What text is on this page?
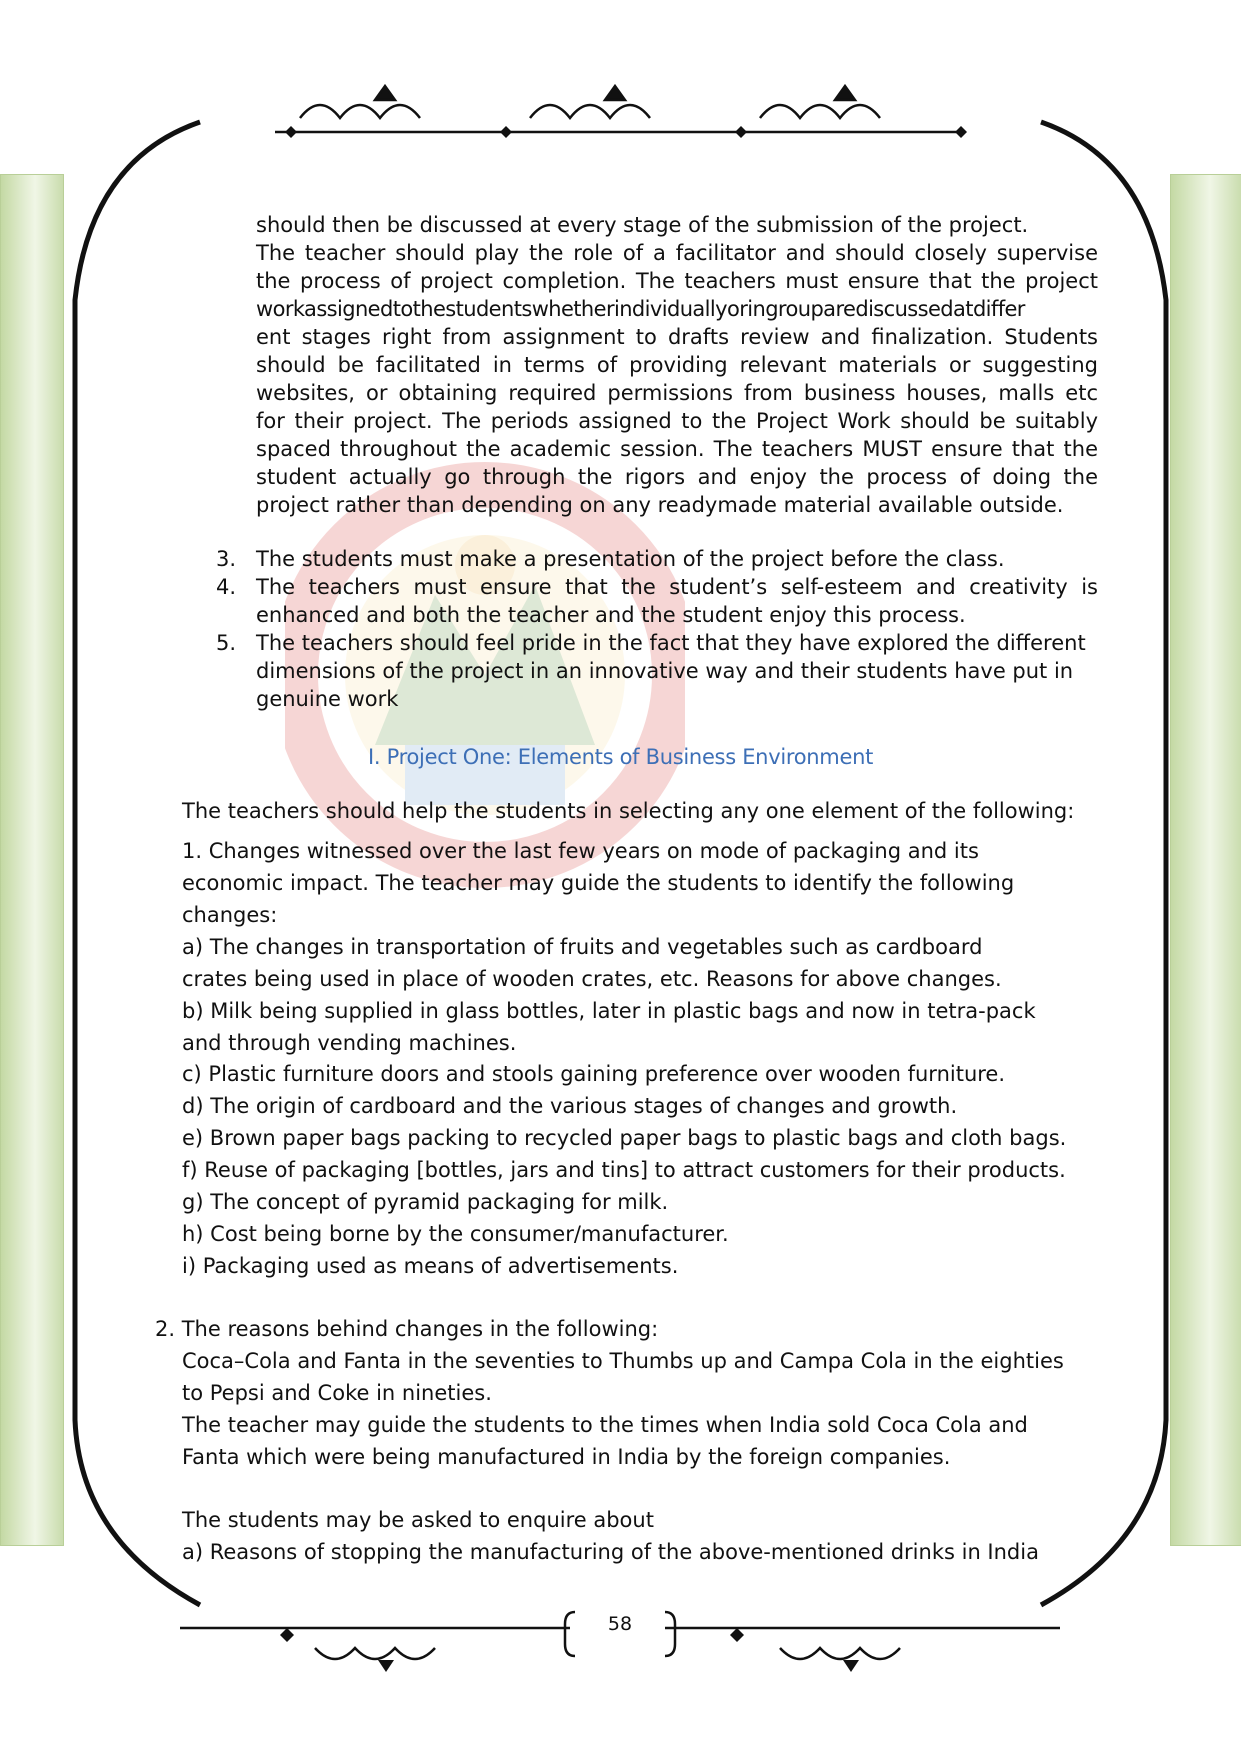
should then be discussed at every stage of the submission of the project.
The teacher should play the role of a facilitator and should closely supervise
the process of project completion. The teachers must ensure that the project
workassignedtothestudentswhetherindividuallyoringrouparediscussedatdiffer
ent stages right from assignment to drafts review and finalization. Students
should be facilitated in terms of providing relevant materials or suggesting
websites, or obtaining required permissions from business houses, malls etc
for their project. The periods assigned to the Project Work should be suitably
spaced throughout the academic session. The teachers MUST ensure that the
student actually go through the rigors and enjoy the process of doing the
project rather than depending on any readymade material available outside.
3. The students must make a presentation of the project before the class.
4. The teachers must ensure that the student’s self-esteem and creativity is
enhanced and both the teacher and the student enjoy this process.
5. The teachers should feel pride in the fact that they have explored the different
dimensions of the project in an innovative way and their students have put in
genuine work
I. Project One: Elements of Business Environment
The teachers should help the students in selecting any one element of the following:
1. Changes witnessed over the last few years on mode of packaging and its
economic impact. The teacher may guide the students to identify the following
changes:
a) The changes in transportation of fruits and vegetables such as cardboard
crates being used in place of wooden crates, etc. Reasons for above changes.
b) Milk being supplied in glass bottles, later in plastic bags and now in tetra-pack
and through vending machines.
c) Plastic furniture doors and stools gaining preference over wooden furniture.
d) The origin of cardboard and the various stages of changes and growth.
e) Brown paper bags packing to recycled paper bags to plastic bags and cloth bags.
f) Reuse of packaging [bottles, jars and tins] to attract customers for their products.
g) The concept of pyramid packaging for milk.
h) Cost being borne by the consumer/manufacturer.
i) Packaging used as means of advertisements.
2. The reasons behind changes in the following:
Coca–Cola and Fanta in the seventies to Thumbs up and Campa Cola in the eighties
to Pepsi and Coke in nineties.
The teacher may guide the students to the times when India sold Coca Cola and
Fanta which were being manufactured in India by the foreign companies.
The students may be asked to enquire about
a) Reasons of stopping the manufacturing of the above-mentioned drinks in India
58
